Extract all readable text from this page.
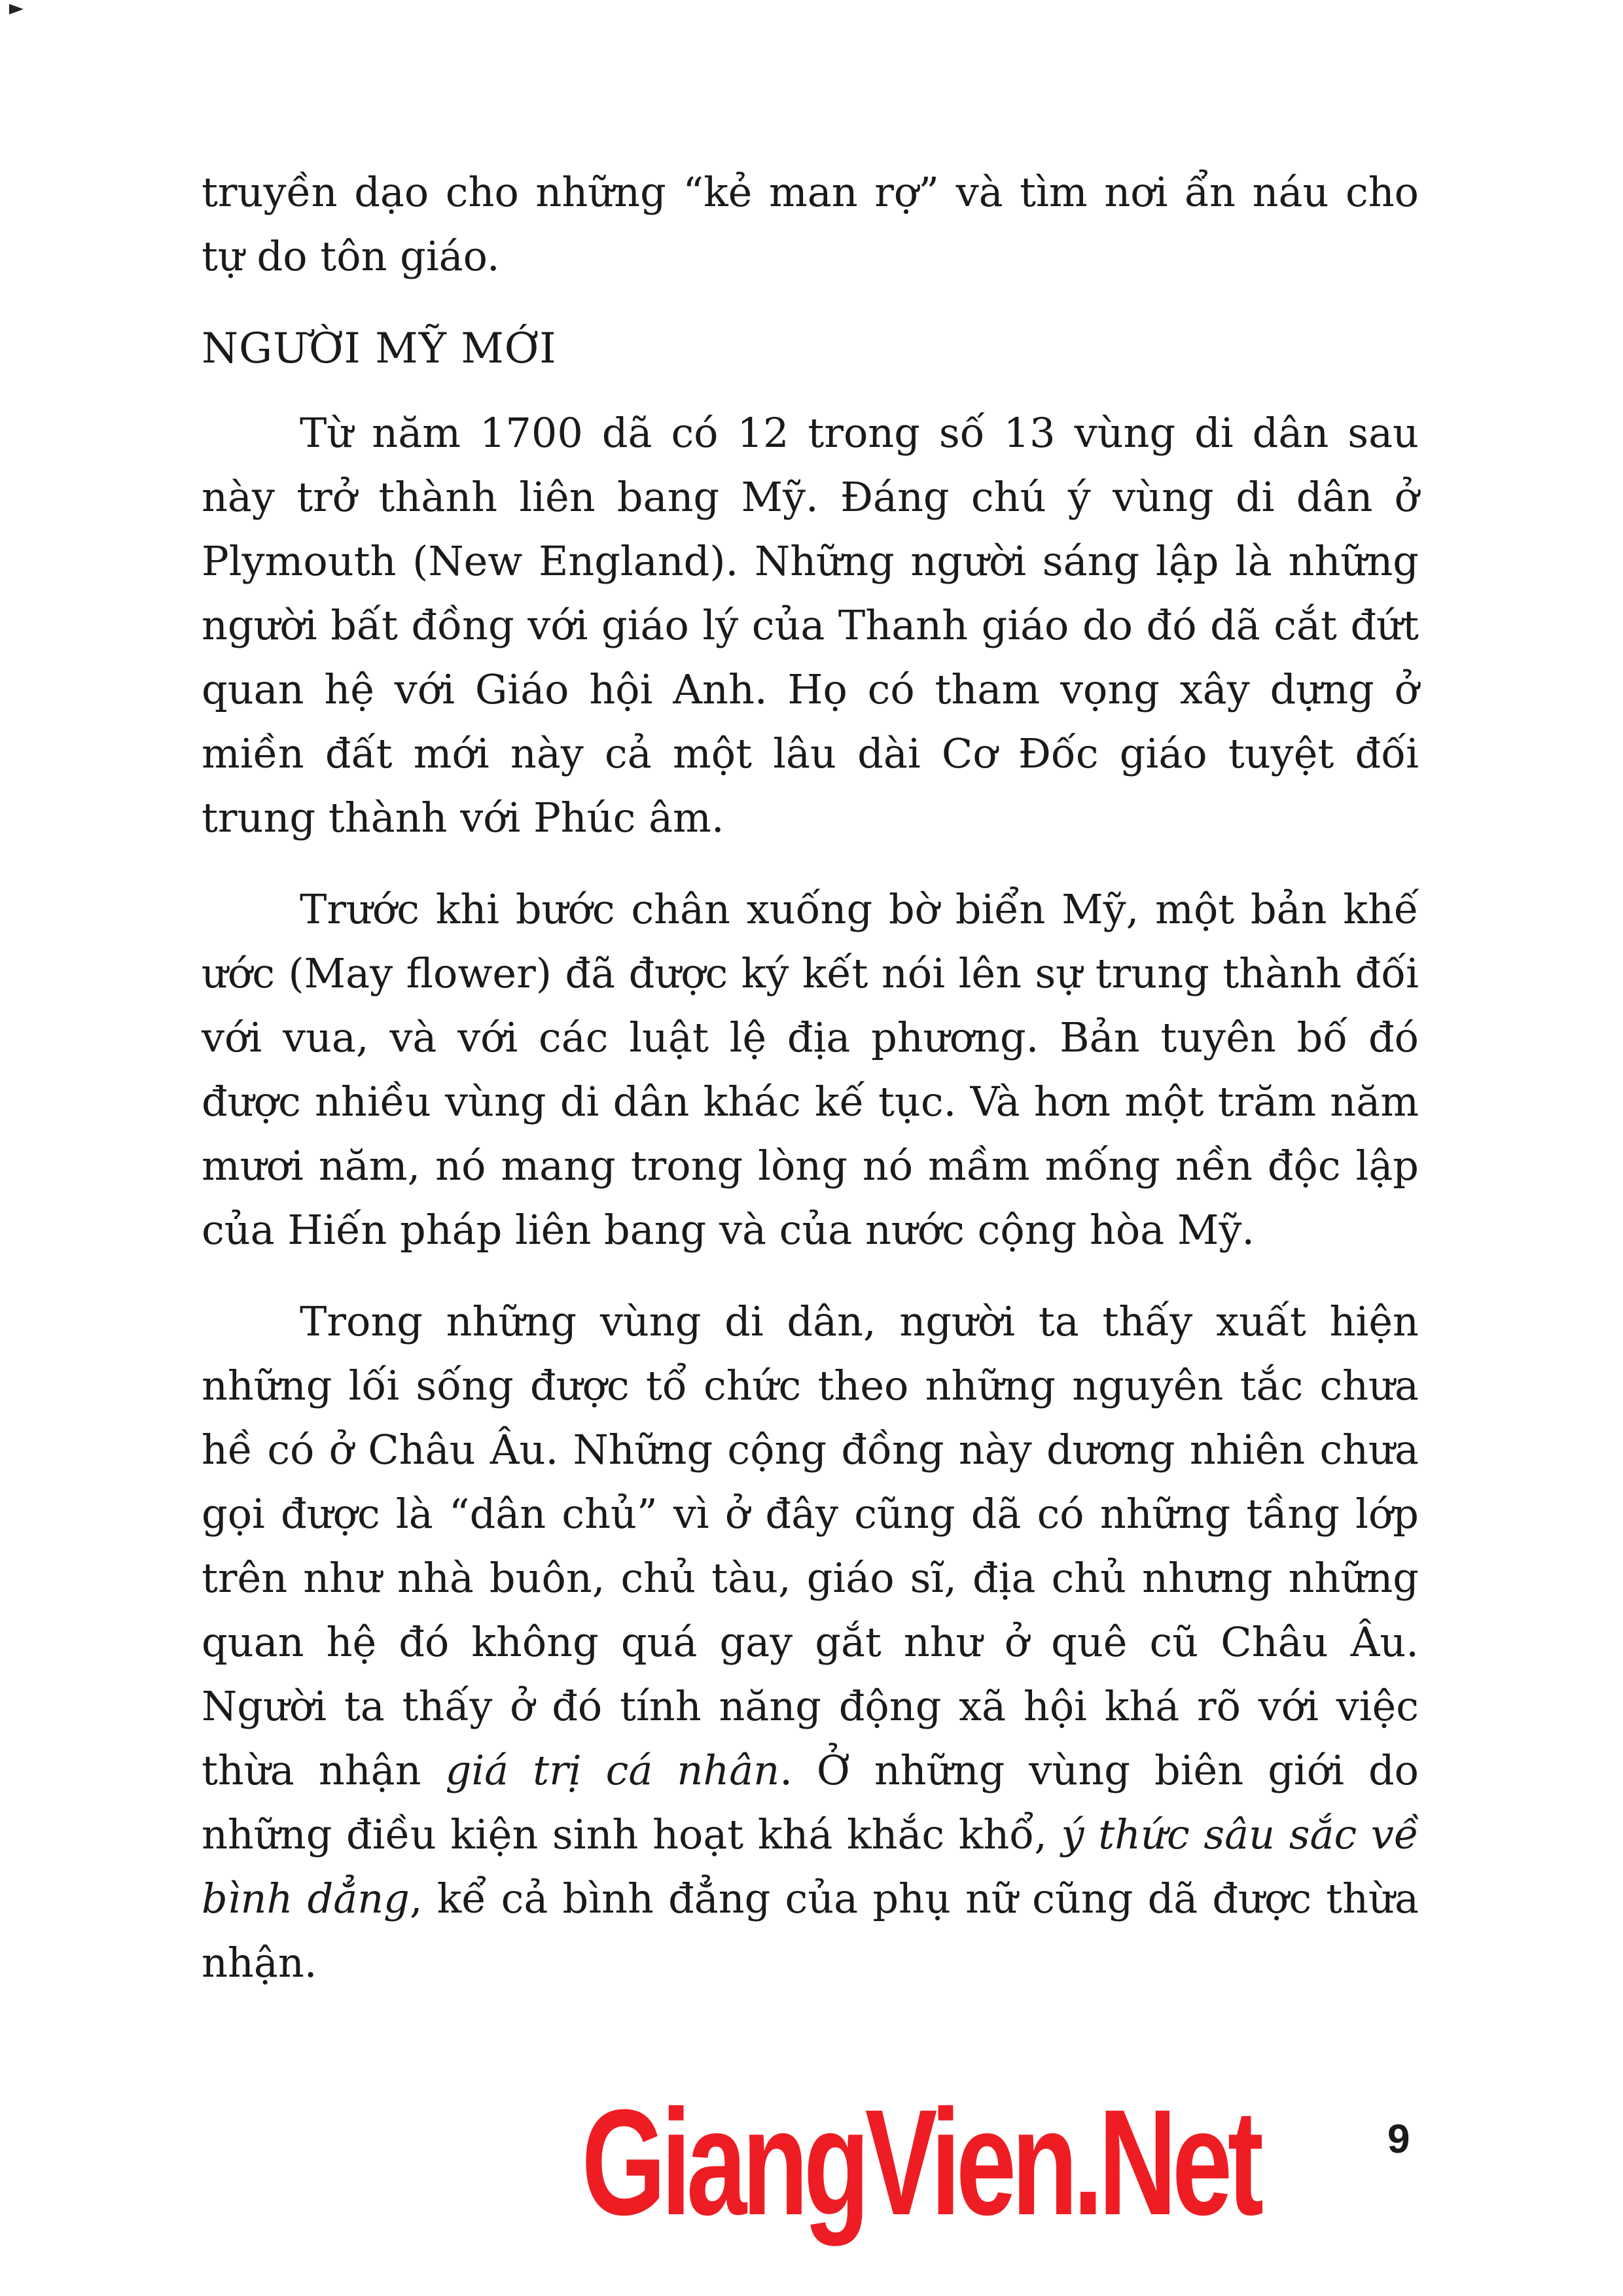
truyền dạo cho những “kẻ man rợ” và tìm nơi ẩn náu cho tự do tôn giáo.

NGƯỜI MỸ MỚI

Từ năm 1700 dã có 12 trong số 13 vùng di dân sau này trở thành liên bang Mỹ. Đáng chú ý vùng di dân ở Plymouth (New England). Những người sáng lập là những người bất đồng với giáo lý của Thanh giáo do đó dã cắt đứt quan hệ với Giáo hội Anh. Họ có tham vọng xây dựng ở miền đất mới này cả một lâu dài Cơ Đốc giáo tuyệt đối trung thành với Phúc âm.

Trước khi bước chân xuống bờ biển Mỹ, một bản khế ước (May flower) đã được ký kết nói lên sự trung thành đối với vua, và với các luật lệ địa phương. Bản tuyên bố đó được nhiều vùng di dân khác kế tục. Và hơn một trăm năm mươi năm, nó mang trong lòng nó mầm mống nền độc lập của Hiến pháp liên bang và của nước cộng hòa Mỹ.

Trong những vùng di dân, người ta thấy xuất hiện những lối sống được tổ chức theo những nguyên tắc chưa hề có ở Châu Âu. Những cộng đồng này dương nhiên chưa gọi được là “dân chủ” vì ở đây cũng dã có những tầng lớp trên như nhà buôn, chủ tàu, giáo sĩ, địa chủ nhưng những quan hệ đó không quá gay gắt như ở quê cũ Châu Âu. Người ta thấy ở đó tính năng động xã hội khá rõ với việc thừa nhận giá trị cá nhân. Ở những vùng biên giới do những điều kiện sinh hoạt khá khắc khổ, ý thức sâu sắc về bình dẳng, kể cả bình đẳng của phụ nữ cũng dã được thừa nhận.

GiangVien.Net	9
